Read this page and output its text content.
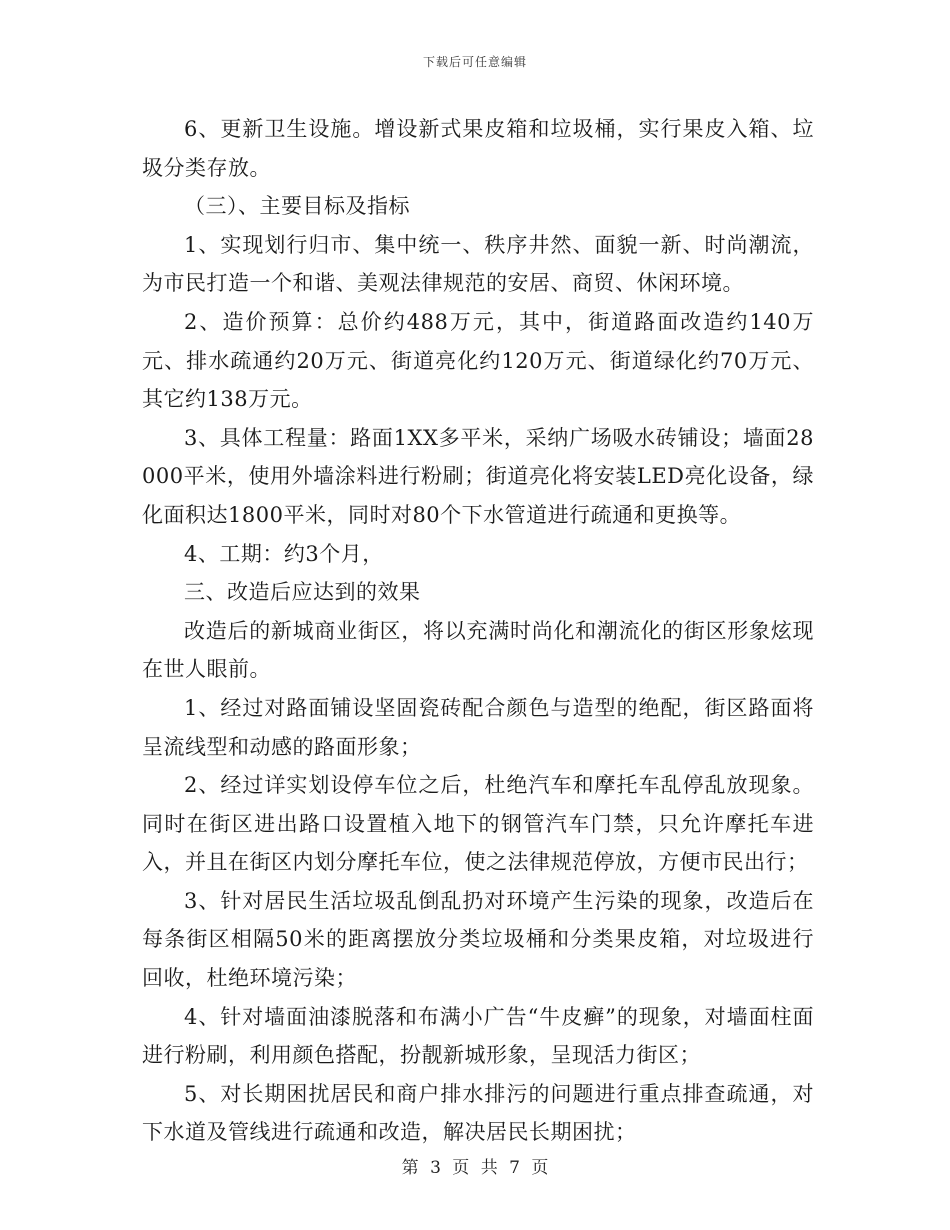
下载后可任意编辑

6、更新卫生设施。增设新式果皮箱和垃圾桶，实行果皮入箱、垃圾分类存放。

（三）、主要目标及指标

1、实现划行归市、集中统一、秩序井然、面貌一新、时尚潮流，为市民打造一个和谐、美观法律规范的安居、商贸、休闲环境。

2、造价预算：总价约488万元，其中，街道路面改造约140万元、排水疏通约20万元、街道亮化约120万元、街道绿化约70万元、其它约138万元。

3、具体工程量：路面1XX多平米，采纳广场吸水砖铺设；墙面28000平米，使用外墙涂料进行粉刷；街道亮化将安装LED亮化设备，绿化面积达1800平米，同时对80个下水管道进行疏通和更换等。

4、工期：约3个月，

三、改造后应达到的效果

改造后的新城商业街区，将以充满时尚化和潮流化的街区形象炫现在世人眼前。

1、经过对路面铺设坚固瓷砖配合颜色与造型的绝配，街区路面将呈流线型和动感的路面形象；

2、经过详实划设停车位之后，杜绝汽车和摩托车乱停乱放现象。同时在街区进出路口设置植入地下的钢管汽车门禁，只允许摩托车进入，并且在街区内划分摩托车位，使之法律规范停放，方便市民出行；

3、针对居民生活垃圾乱倒乱扔对环境产生污染的现象，改造后在每条街区相隔50米的距离摆放分类垃圾桶和分类果皮箱，对垃圾进行回收，杜绝环境污染；

4、针对墙面油漆脱落和布满小广告“牛皮癣”的现象，对墙面柱面进行粉刷，利用颜色搭配，扮靓新城形象，呈现活力街区；

5、对长期困扰居民和商户排水排污的问题进行重点排查疏通，对下水道及管线进行疏通和改造，解决居民长期困扰；

第 3 页 共 7 页
